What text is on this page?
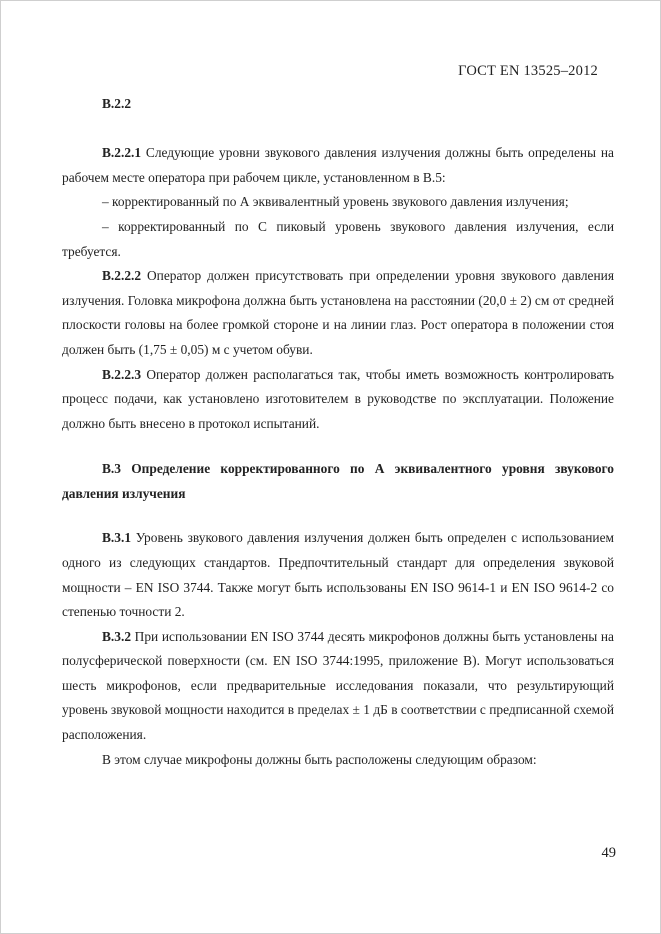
ГОСТ EN 13525–2012

B.2.2

B.2.2.1 Следующие уровни звукового давления излучения должны быть определены на рабочем месте оператора при рабочем цикле, установленном в B.5:

– корректированный по А эквивалентный уровень звукового давления излучения;

– корректированный по С пиковый уровень звукового давления излучения, если требуется.

B.2.2.2 Оператор должен присутствовать при определении уровня звукового давления излучения. Головка микрофона должна быть установлена на расстоянии (20,0 ± 2) см от средней плоскости головы на более громкой стороне и на линии глаз. Рост оператора в положении стоя должен быть (1,75 ± 0,05) м с учетом обуви.

B.2.2.3 Оператор должен располагаться так, чтобы иметь возможность контролировать процесс подачи, как установлено изготовителем в руководстве по эксплуатации. Положение должно быть внесено в протокол испытаний.

B.3 Определение корректированного по А эквивалентного уровня звукового давления излучения

B.3.1 Уровень звукового давления излучения должен быть определен с использованием одного из следующих стандартов. Предпочтительный стандарт для определения звуковой мощности – EN ISO 3744. Также могут быть использованы EN ISO 9614-1 и EN ISO 9614-2 со степенью точности 2.

B.3.2 При использовании EN ISO 3744 десять микрофонов должны быть установлены на полусферической поверхности (см. EN ISO 3744:1995, приложение B). Могут использоваться шесть микрофонов, если предварительные исследования показали, что результирующий уровень звуковой мощности находится в пределах ± 1 дБ в соответствии с предписанной схемой расположения.

В этом случае микрофоны должны быть расположены следующим образом:

49
